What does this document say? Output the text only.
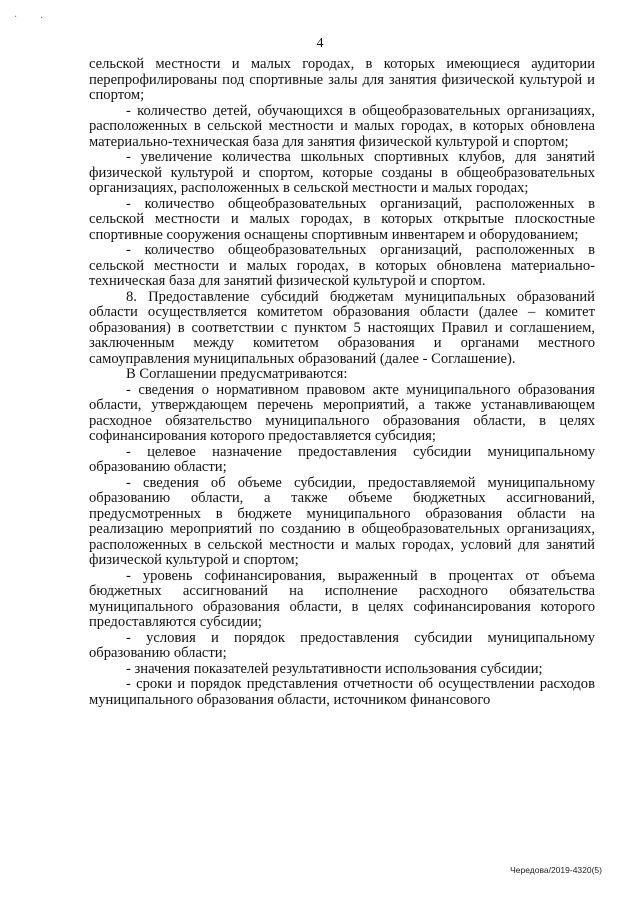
· ·
4

сельской местности и малых городах, в которых имеющиеся аудитории перепрофилированы под спортивные залы для занятия физической культурой и спортом;

- количество детей, обучающихся в общеобразовательных организациях, расположенных в сельской местности и малых городах, в которых обновлена материально-техническая база для занятия физической культурой и спортом;

- увеличение количества школьных спортивных клубов, для занятий физической культурой и спортом, которые созданы в общеобразовательных организациях, расположенных в сельской местности и малых городах;

- количество общеобразовательных организаций, расположенных в сельской местности и малых городах, в которых открытые плоскостные спортивные сооружения оснащены спортивным инвентарем и оборудованием;

- количество общеобразовательных организаций, расположенных в сельской местности и малых городах, в которых обновлена материально-техническая база для занятий физической культурой и спортом.

8. Предоставление субсидий бюджетам муниципальных образований области осуществляется комитетом образования области (далее – комитет образования) в соответствии с пунктом 5 настоящих Правил и соглашением, заключенным между комитетом образования и органами местного самоуправления муниципальных образований (далее - Соглашение).

В Соглашении предусматриваются:

- сведения о нормативном правовом акте муниципального образования области, утверждающем перечень мероприятий, а также устанавливающем расходное обязательство муниципального образования области, в целях софинансирования которого предоставляется субсидия;

- целевое назначение предоставления субсидии муниципальному образованию области;

- сведения об объеме субсидии, предоставляемой муниципальному образованию области, а также объеме бюджетных ассигнований, предусмотренных в бюджете муниципального образования области на реализацию мероприятий по созданию в общеобразовательных организациях, расположенных в сельской местности и малых городах, условий для занятий физической культурой и спортом;

- уровень софинансирования, выраженный в процентах от объема бюджетных ассигнований на исполнение расходного обязательства муниципального образования области, в целях софинансирования которого предоставляются субсидии;

- условия и порядок предоставления субсидии муниципальному образованию области;

- значения показателей результативности использования субсидии;

- сроки и порядок представления отчетности об осуществлении расходов муниципального образования области, источником финансового

Чередова/2019-4320(5)
